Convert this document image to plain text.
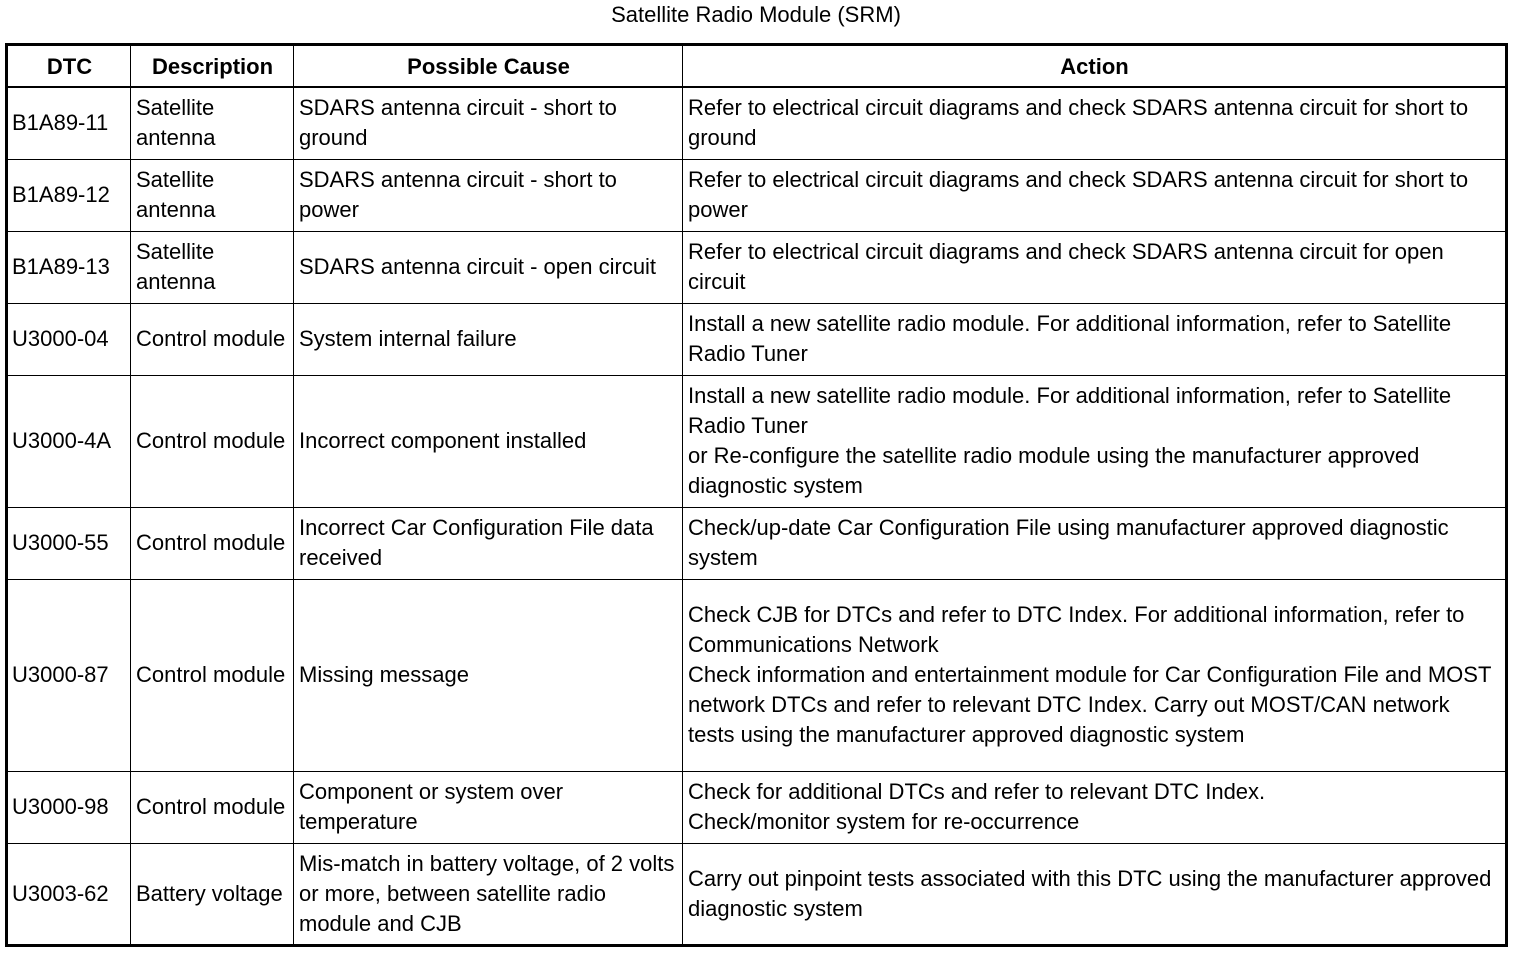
Satellite Radio Module (SRM)
DTC	Description	Possible Cause	Action
B1A89-11	Satellite antenna	SDARS antenna circuit - short to ground	Refer to electrical circuit diagrams and check SDARS antenna circuit for short to ground

B1A89-12	Satellite antenna	SDARS antenna circuit - short to power	Refer to electrical circuit diagrams and check SDARS antenna circuit for short to power

B1A89-13	Satellite antenna	SDARS antenna circuit - open circuit	Refer to electrical circuit diagrams and check SDARS antenna circuit for open circuit

U3000-04	Control module	System internal failure	Install a new satellite radio module. For additional information, refer to Satellite Radio Tuner

U3000-4A	Control module	Incorrect component installed	Install a new satellite radio module. For additional information, refer to Satellite Radio Tuner
or Re-configure the satellite radio module using the manufacturer approved diagnostic system

U3000-55	Control module	Incorrect Car Configuration File data received	Check/up-date Car Configuration File using manufacturer approved diagnostic system

U3000-87	Control module	Missing message	Check CJB for DTCs and refer to DTC Index. For additional information, refer to Communications Network
Check information and entertainment module for Car Configuration File and MOST network DTCs and refer to relevant DTC Index. Carry out MOST/CAN network tests using the manufacturer approved diagnostic system

U3000-98	Control module	Component or system over temperature	Check for additional DTCs and refer to relevant DTC Index.
Check/monitor system for re-occurrence

U3003-62	Battery voltage	Mis-match in battery voltage, of 2 volts or more, between satellite radio module and CJB	Carry out pinpoint tests associated with this DTC using the manufacturer approved diagnostic system
